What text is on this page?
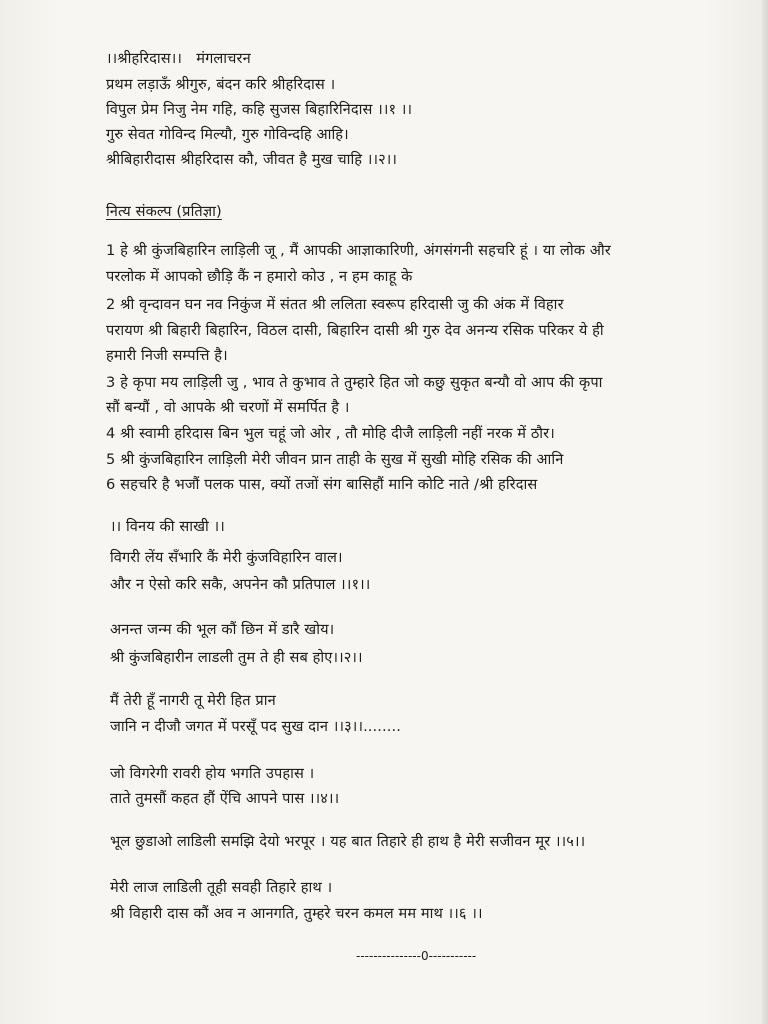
।।श्रीहरिदास।। मंगलाचरन
प्रथम लड़ाऊँ श्रीगुरु, बंदन करि श्रीहरिदास ।
विपुल प्रेम निजु नेम गहि, कहि सुजस बिहारिनिदास ।।१ ।।
गुरु सेवत गोविन्द मिल्यौ, गुरु गोविन्दहि आहि।
श्रीबिहारीदास श्रीहरिदास कौ, जीवत है मुख चाहि ।।२।।
नित्य संकल्प (प्रतिज्ञा)
1 हे श्री कुंजबिहारिन लाड़िली जू , मैं आपकी आज्ञाकारिणी, अंगसंगनी सहचरि हूं । या लोक और
परलोक में आपको छौड़ि कैं न हमारो कोउ , न हम काहू के
2 श्री वृन्दावन घन नव निकुंज में संतत श्री ललिता स्वरूप हरिदासी जु की अंक में विहार
परायण श्री बिहारी बिहारिन, विठल दासी, बिहारिन दासी श्री गुरु देव अनन्य रसिक परिकर ये ही
हमारी निजी सम्पत्ति है।
3 हे कृपा मय लाड़िली जु , भाव ते कुभाव ते तुम्हारे हित जो कछु सुकृत बन्यौ वो आप की कृपा
सौं बन्यौं , वो आपके श्री चरणों में समर्पित है ।
4 श्री स्वामी हरिदास बिन भुल चहूं जो ओर , तौ मोहि दीजै लाड़िली नहीं नरक में ठौर।
5 श्री कुंजबिहारिन लाड़िली मेरी जीवन प्रान ताही के सुख में सुखी मोहि रसिक की आनि
6 सहचरि है भजौं पलक पास, क्यों तजों संग बासिहौं मानि कोटि नाते /श्री हरिदास
।। विनय की साखी ।।
विगरी लेंय सँभारि कैं मेरी कुंजविहारिन वाल।
और न ऐसो करि सकै, अपनेन कौ प्रतिपाल ।।१।।
अनन्त जन्म की भूल कौं छिन में डारै खोय।
श्री कुंजबिहारीन लाडली तुम ते ही सब होए।।२।।
मैं तेरी हूँ नागरी तू मेरी हित प्रान
जानि न दीजौ जगत में परसूँ पद सुख दान ।।३।।........
जो विगरेगी रावरी होय भगति उपहास ।
ताते तुमसौं कहत हौं ऐंचि आपने पास ।।४।।
भूल छुडाओ लाडिली समझि देयो भरपूर । यह बात तिहारे ही हाथ है मेरी सजीवन मूर ।।५।।
मेरी लाज लाडिली तूही सवही तिहारे हाथ ।
श्री विहारी दास कौं अव न आनगति, तुम्हरे चरन कमल मम माथ ।।६ ।।
---------------0-----------
